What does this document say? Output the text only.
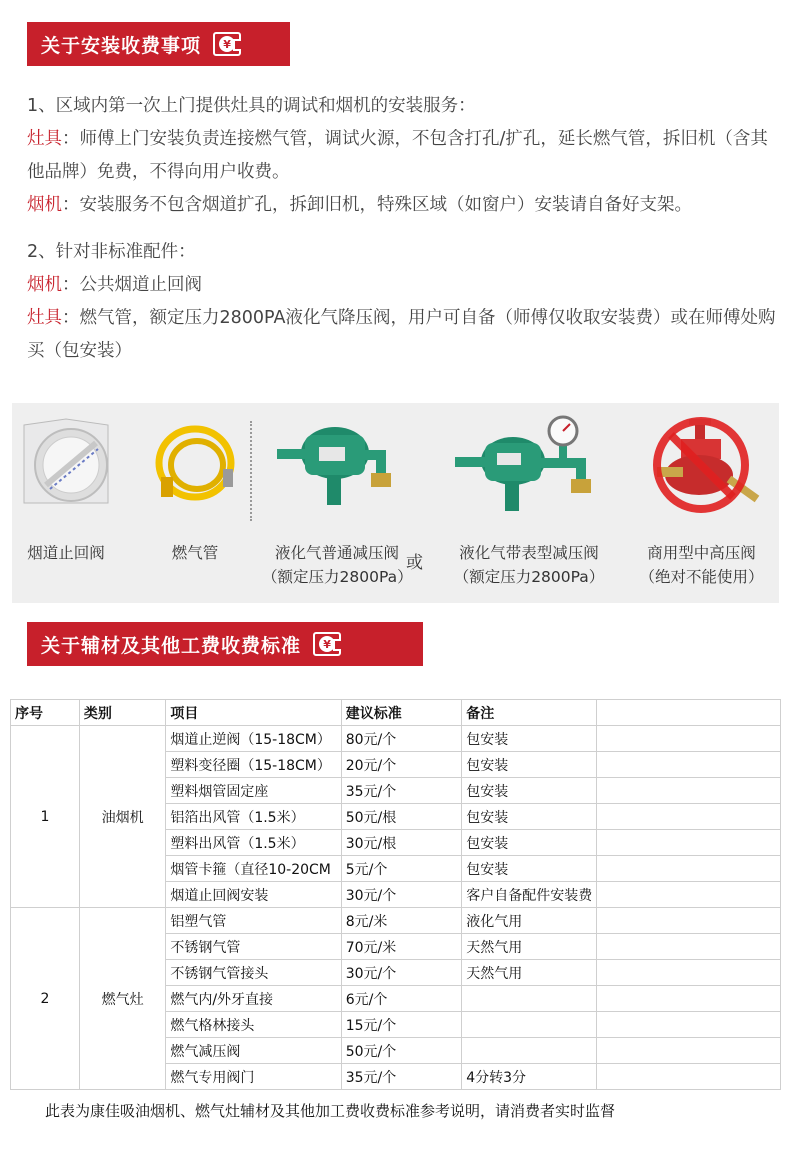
关于安装收费事项	¥

1、区域内第一次上门提供灶具的调试和烟机的安装服务：

灶具：师傅上门安装负责连接燃气管，调试火源，不包含打孔/扩孔，延长燃气管，拆旧机（含其他品牌）免费，不得向用户收费。

烟机：安装服务不包含烟道扩孔，拆卸旧机，特殊区域（如窗户）安装请自备好支架。

2、针对非标准配件：

烟机：公共烟道止回阀

灶具：燃气管，额定压力2800PA液化气降压阀，用户可自备（师傅仅收取安装费）或在师傅处购买（包安装）

烟道止回阀	燃气管	液化气普通减压阀
（额定压力2800Pa）
液化气带表型减压阀
（额定压力2800Pa）
商用型中高压阀
（绝对不能使用）
或
关于辅材及其他工费收费标准	¥
序号	类别	项目	建议标准	备注	
1	油烟机	烟道止逆阀（15-18CM）	80元/个	包安装	
		塑料变径圈（15-18CM）	20元/个	包安装	
		塑料烟管固定座	35元/个	包安装	
		铝箔出风管（1.5米）	50元/根	包安装	
		塑料出风管（1.5米）	30元/根	包安装	
		烟管卡箍（直径10-20CM	5元/个	包安装	
		烟道止回阀安装	30元/个	客户自备配件安装费	
2	燃气灶	铝塑气管	8元/米	液化气用	
		不锈钢气管	70元/米	天然气用	
		不锈钢气管接头	30元/个	天然气用	
		燃气内/外牙直接	6元/个		
		燃气格林接头	15元/个		
		燃气减压阀	50元/个		
		燃气专用阀门	35元/个	4分转3分	
此表为康佳吸油烟机、燃气灶辅材及其他加工费收费标准参考说明，请消费者实时监督
